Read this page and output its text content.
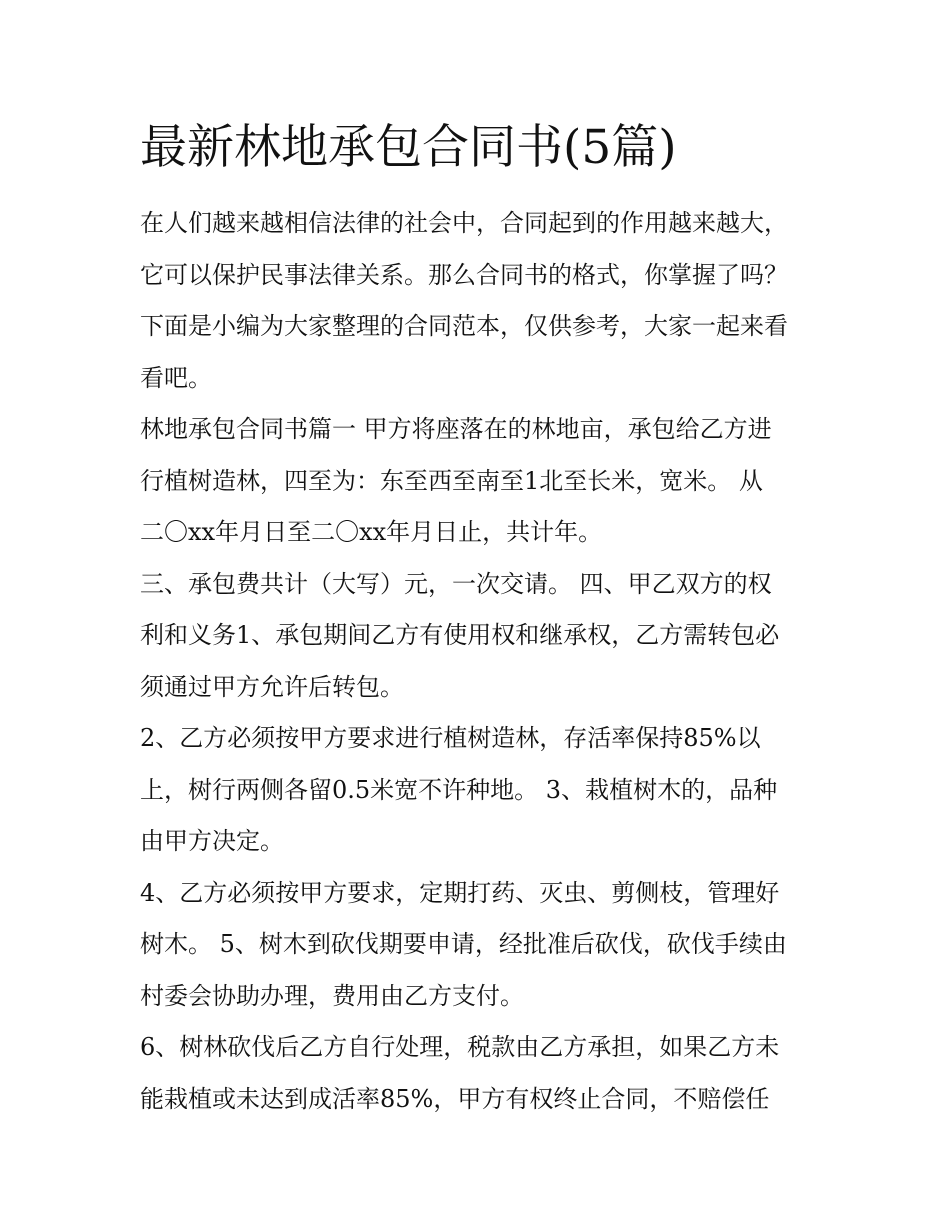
最新林地承包合同书(5篇)
在人们越来越相信法律的社会中，合同起到的作用越来越大，
它可以保护民事法律关系。那么合同书的格式，你掌握了吗？
下面是小编为大家整理的合同范本，仅供参考，大家一起来看
看吧。
林地承包合同书篇一 甲方将座落在的林地亩，承包给乙方进
行植树造林，四至为：东至西至南至1北至长米，宽米。 从
二〇xx年月日至二〇xx年月日止，共计年。
三、承包费共计（大写）元，一次交请。 四、甲乙双方的权
利和义务1、承包期间乙方有使用权和继承权，乙方需转包必
须通过甲方允许后转包。
2、乙方必须按甲方要求进行植树造林，存活率保持85%以
上，树行两侧各留0.5米宽不许种地。 3、栽植树木的，品种
由甲方决定。
4、乙方必须按甲方要求，定期打药、灭虫、剪侧枝，管理好
树木。 5、树木到砍伐期要申请，经批准后砍伐，砍伐手续由
村委会协助办理，费用由乙方支付。
6、树林砍伐后乙方自行处理，税款由乙方承担，如果乙方未
能栽植或未达到成活率85%，甲方有权终止合同，不赔偿任
